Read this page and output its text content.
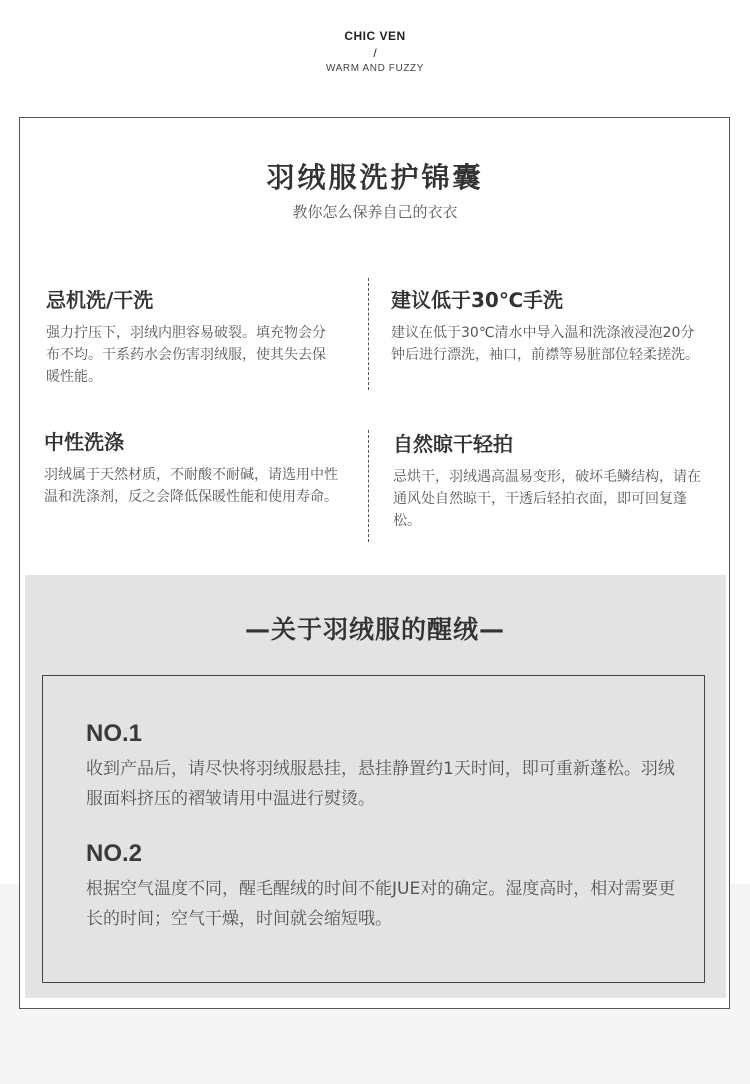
CHIC VEN
/
WARM AND FUZZY
羽绒服洗护锦囊
教你怎么保养自己的衣衣
忌机洗/干洗
强力拧压下，羽绒内胆容易破裂。填充物会分布不均。干系药水会伤害羽绒服，使其失去保暖性能。
建议低于30℃手洗
建议在低于30℃清水中导入温和洗涤液浸泡20分钟后进行漂洗，袖口，前襟等易脏部位轻柔搓洗。
中性洗涤
羽绒属于天然材质，不耐酸不耐碱，请选用中性温和洗涤剂，反之会降低保暖性能和使用寿命。
自然晾干轻拍
忌烘干，羽绒遇高温易变形，破坏毛鳞结构，请在通风处自然晾干，干透后轻拍衣面，即可回复蓬松。
—关于羽绒服的醒绒—
NO.1
收到产品后，请尽快将羽绒服悬挂，悬挂静置约1天时间，即可重新蓬松。羽绒服面料挤压的褶皱请用中温进行熨烫。
NO.2
根据空气温度不同，醒毛醒绒的时间不能JUE对的确定。湿度高时，相对需要更长的时间；空气干燥，时间就会缩短哦。
